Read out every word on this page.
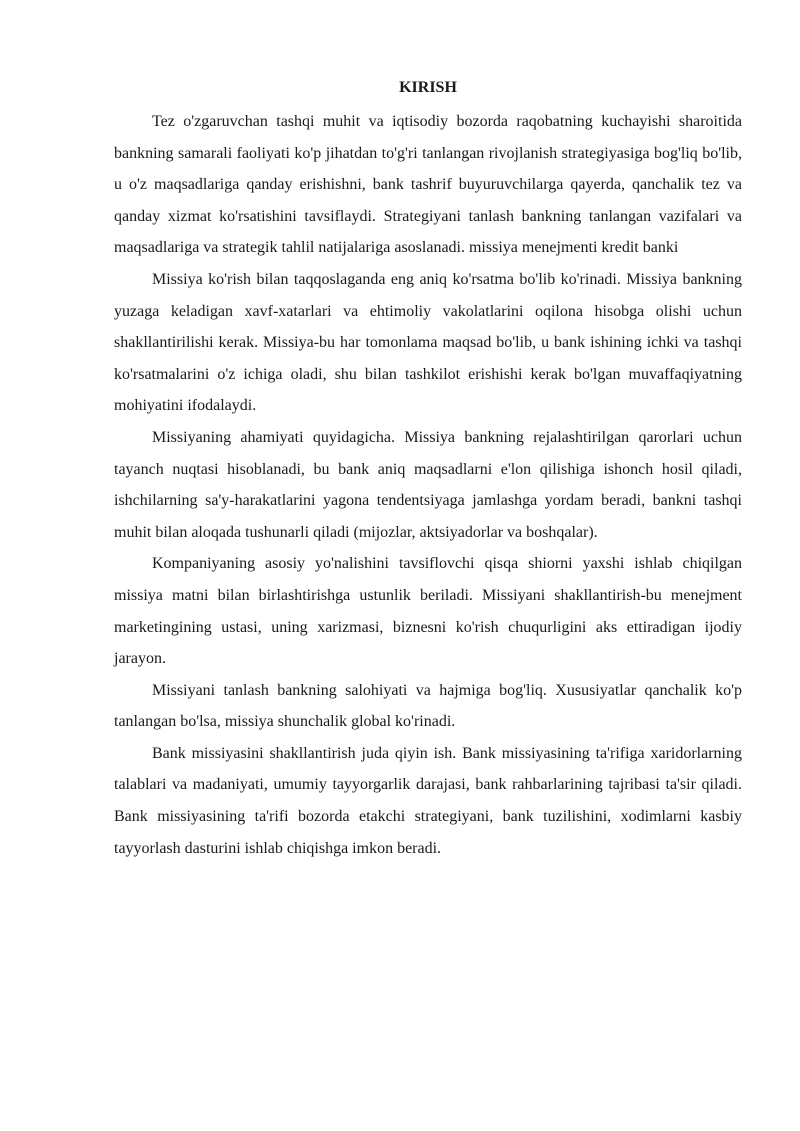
KIRISH

Tez o'zgaruvchan tashqi muhit va iqtisodiy bozorda raqobatning kuchayishi sharoitida bankning samarali faoliyati ko'p jihatdan to'g'ri tanlangan rivojlanish strategiyasiga bog'liq bo'lib, u o'z maqsadlariga qanday erishishni, bank tashrif buyuruvchilarga qayerda, qanchalik tez va qanday xizmat ko'rsatishini tavsiflaydi. Strategiyani tanlash bankning tanlangan vazifalari va maqsadlariga va strategik tahlil natijalariga asoslanadi. missiya menejmenti kredit banki

Missiya ko'rish bilan taqqoslaganda eng aniq ko'rsatma bo'lib ko'rinadi. Missiya bankning yuzaga keladigan xavf-xatarlari va ehtimoliy vakolatlarini oqilona hisobga olishi uchun shakllantirilishi kerak. Missiya-bu har tomonlama maqsad bo'lib, u bank ishining ichki va tashqi ko'rsatmalarini o'z ichiga oladi, shu bilan tashkilot erishishi kerak bo'lgan muvaffaqiyatning mohiyatini ifodalaydi.

Missiyaning ahamiyati quyidagicha. Missiya bankning rejalashtirilgan qarorlari uchun tayanch nuqtasi hisoblanadi, bu bank aniq maqsadlarni e'lon qilishiga ishonch hosil qiladi, ishchilarning sa'y-harakatlarini yagona tendentsiyaga jamlashga yordam beradi, bankni tashqi muhit bilan aloqada tushunarli qiladi (mijozlar, aktsiyadorlar va boshqalar).

Kompaniyaning asosiy yo'nalishini tavsiflovchi qisqa shiorni yaxshi ishlab chiqilgan missiya matni bilan birlashtirishga ustunlik beriladi. Missiyani shakllantirish-bu menejment marketingining ustasi, uning xarizmasi, biznesni ko'rish chuqurligini aks ettiradigan ijodiy jarayon.

Missiyani tanlash bankning salohiyati va hajmiga bog'liq. Xususiyatlar qanchalik ko'p tanlangan bo'lsa, missiya shunchalik global ko'rinadi.

Bank missiyasini shakllantirish juda qiyin ish. Bank missiyasining ta'rifiga xaridorlarning talablari va madaniyati, umumiy tayyorgarlik darajasi, bank rahbarlarining tajribasi ta'sir qiladi. Bank missiyasining ta'rifi bozorda etakchi strategiyani, bank tuzilishini, xodimlarni kasbiy tayyorlash dasturini ishlab chiqishga imkon beradi.
